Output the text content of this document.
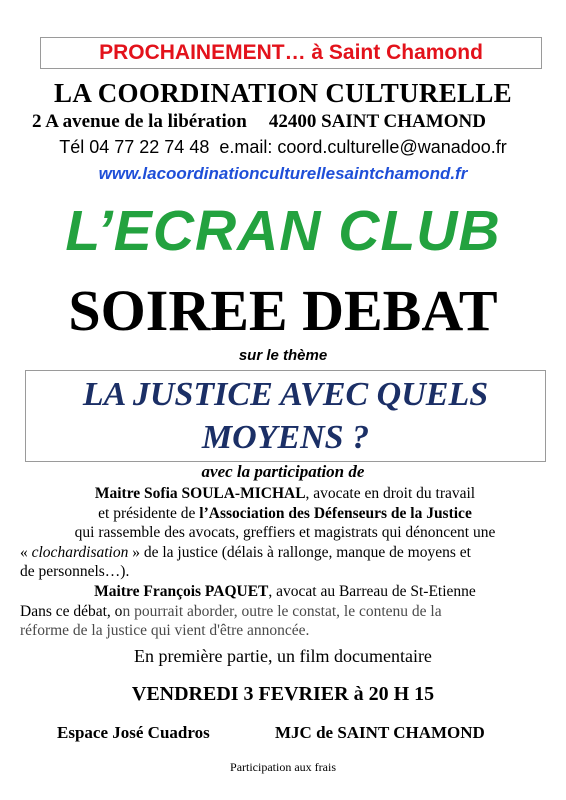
PROCHAINEMENT… à Saint Chamond
LA COORDINATION CULTURELLE
2 A avenue de la libération 42400 SAINT CHAMOND
Tél 04 77 22 74 48 e.mail: coord.culturelle@wanadoo.fr
www.lacoordinationculturellesaintchamond.fr
L’ECRAN CLUB
SOIREE DEBAT
sur le thème
LA JUSTICE AVEC QUELS
MOYENS ?
avec la participation de
Maitre Sofia SOULA-MICHAL, avocate en droit du travail
et présidente de l’Association des Défenseurs de la Justice
qui rassemble des avocats, greffiers et magistrats qui dénoncent une
« clochardisation » de la justice (délais à rallonge, manque de moyens et
de personnels…).
Maitre François PAQUET, avocat au Barreau de St-Etienne
Dans ce débat, on pourrait aborder, outre le constat, le contenu de la
réforme de la justice qui vient d'être annoncée.
En première partie, un film documentaire
VENDREDI 3 FEVRIER à 20 H 15
Espace José Cuadros	MJC de SAINT CHAMOND
Participation aux frais
